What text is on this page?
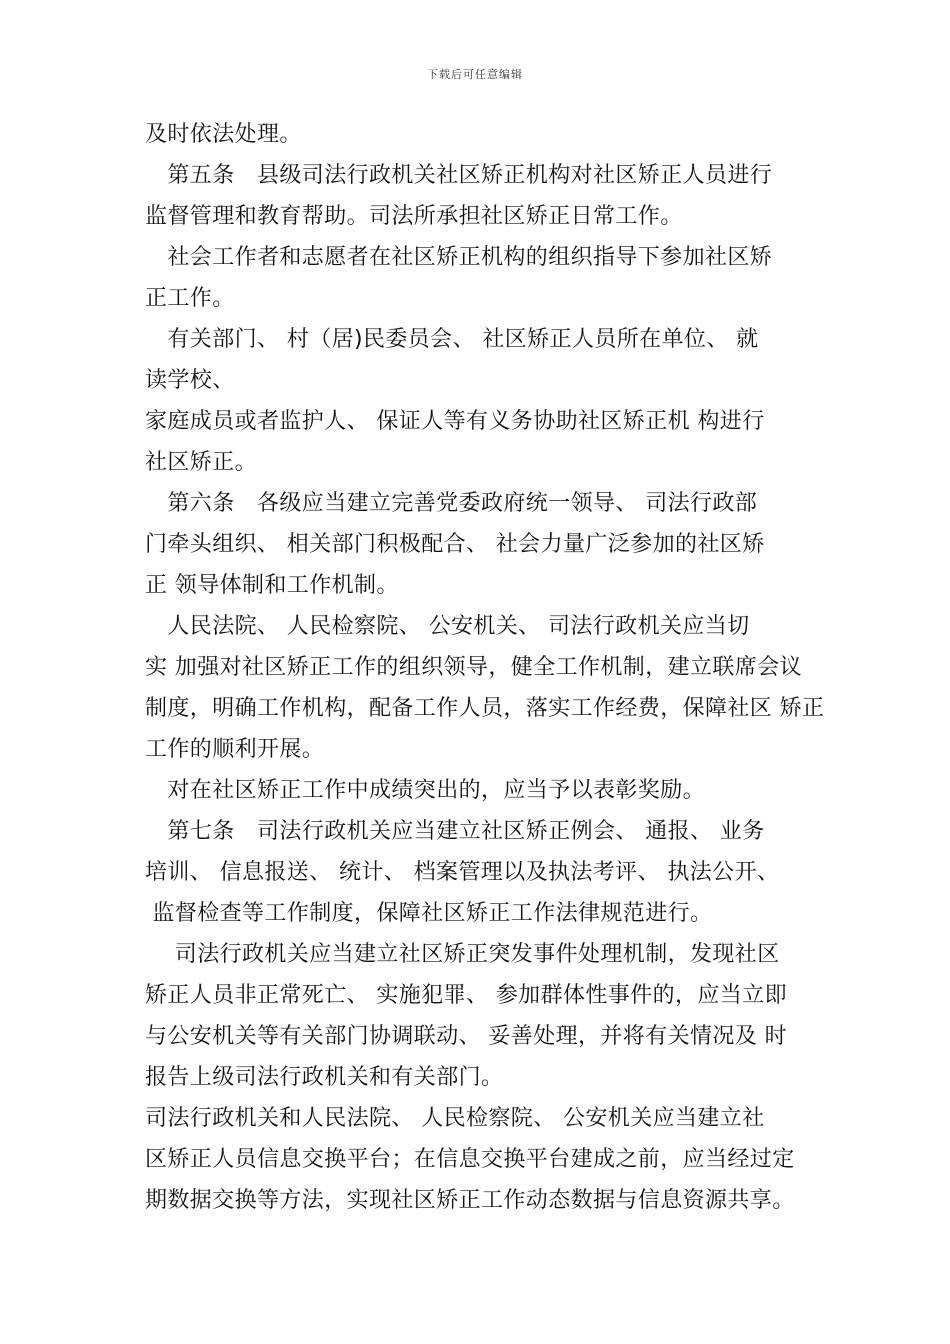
下载后可任意编辑
及时依法处理。
　第五条　县级司法行政机关社区矫正机构对社区矫正人员进行
监督管理和教育帮助。司法所承担社区矫正日常工作。
　社会工作者和志愿者在社区矫正机构的组织指导下参加社区矫
正工作。
　有关部门、 村（居)民委员会、 社区矫正人员所在单位、 就
读学校、
家庭成员或者监护人、 保证人等有义务协助社区矫正机 构进行
社区矫正。
　第六条　各级应当建立完善党委政府统一领导、 司法行政部
门牵头组织、 相关部门积极配合、 社会力量广泛参加的社区矫
正 领导体制和工作机制。
　人民法院、 人民检察院、 公安机关、 司法行政机关应当切
实 加强对社区矫正工作的组织领导，健全工作机制，建立联席会议
制度，明确工作机构，配备工作人员，落实工作经费，保障社区 矫正
工作的顺利开展。
　对在社区矫正工作中成绩突出的，应当予以表彰奖励。
　第七条　司法行政机关应当建立社区矫正例会、 通报、 业务
培训、 信息报送、 统计、 档案管理以及执法考评、 执法公开、
监督检查等工作制度，保障社区矫正工作法律规范进行。
　 司法行政机关应当建立社区矫正突发事件处理机制，发现社区
矫正人员非正常死亡、 实施犯罪、 参加群体性事件的，应当立即
与公安机关等有关部门协调联动、 妥善处理，并将有关情况及 时
报告上级司法行政机关和有关部门。
司法行政机关和人民法院、 人民检察院、 公安机关应当建立社
区矫正人员信息交换平台；在信息交换平台建成之前，应当经过定
期数据交换等方法，实现社区矫正工作动态数据与信息资源共享。
